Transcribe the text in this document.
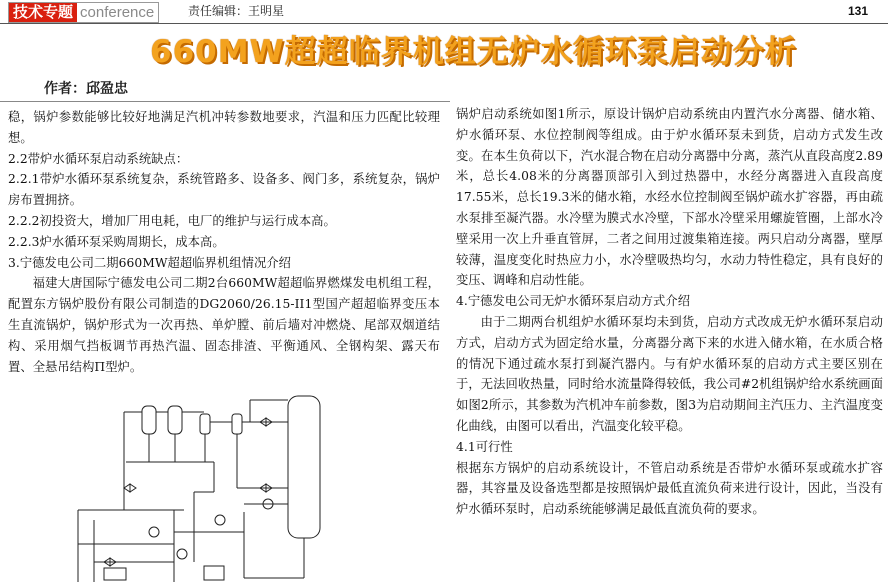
技术专题 conference	责任编辑：王明星	131
660MW超超临界机组无炉水循环泵启动分析
作者：邱盈忠

稳，锅炉参数能够比较好地满足汽机冲转参数地要求，汽温和压力匹配比较理想。

2.2带炉水循环泵启动系统缺点：

2.2.1带炉水循环泵系统复杂，系统管路多、设备多、阀门多，系统复杂，锅炉房布置拥挤。

2.2.2初投资大，增加厂用电耗，电厂的维护与运行成本高。

2.2.3炉水循环泵采购周期长，成本高。

3.宁德发电公司二期660MW超超临界机组情况介绍

福建大唐国际宁德发电公司二期2台660MW超超临界燃煤发电机组工程，配置东方锅炉股份有限公司制造的DG2060/26.15-II1型国产超超临界变压本生直流锅炉，锅炉形式为一次再热、单炉膛、前后墙对冲燃烧、尾部双烟道结构、采用烟气挡板调节再热汽温、固态排渣、平衡通风、全钢构架、露天布置、全悬吊结构Π型炉。

锅炉启动系统如图1所示，原设计锅炉启动系统由内置汽水分离器、储水箱、炉水循环泵、水位控制阀等组成。由于炉水循环泵未到货，启动方式发生改变。在本生负荷以下，汽水混合物在启动分离器中分离，蒸汽从直段高度2.89米，总长4.08米的分离器顶部引入到过热器中，水经分离器进入直段高度17.55米，总长19.3米的储水箱，水经水位控制阀至锅炉疏水扩容器，再由疏水泵排至凝汽器。水冷壁为膜式水冷壁，下部水冷壁采用螺旋管圈，上部水冷壁采用一次上升垂直管屏，二者之间用过渡集箱连接。两只启动分离器，壁厚较薄，温度变化时热应力小，水冷壁吸热均匀，水动力特性稳定，具有良好的变压、调峰和启动性能。

4.宁德发电公司无炉水循环泵启动方式介绍

由于二期两台机组炉水循环泵均未到货，启动方式改成无炉水循环泵启动方式，启动方式为固定给水量，分离器分离下来的水进入储水箱，在水质合格的情况下通过疏水泵打到凝汽器内。与有炉水循环泵的启动方式主要区别在于，无法回收热量，同时给水流量降得较低，我公司#2机组锅炉给水系统画面如图2所示，其参数为汽机冲车前参数，图3为启动期间主汽压力、主汽温度变化曲线，由图可以看出，汽温变化较平稳。

4.1可行性

根据东方锅炉的启动系统设计，不管启动系统是否带炉水循环泵或疏水扩容器，其容量及设备选型都是按照锅炉最低直流负荷来进行设计，因此，当没有炉水循环泵时，启动系统能够满足最低直流负荷的要求。
